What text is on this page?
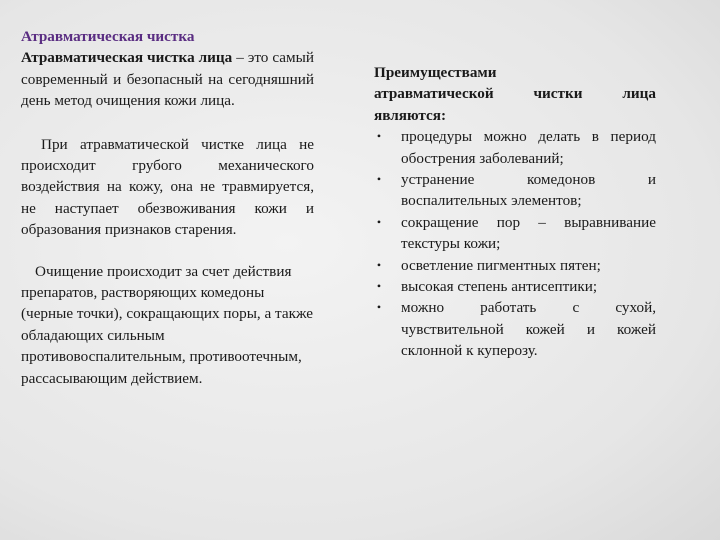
Атравматическая чистка

Атравматическая чистка лица – это самый современный и безопасный на сегодняшний день метод очищения кожи лица.

При атравматической чистке лица не происходит грубого механического воздействия на кожу, она не травмируется, не наступает обезвоживания кожи и образования признаков старения.

Очищение происходит за счет действия препаратов, растворяющих комедоны (черные точки), сокращающих поры, а также обладающих сильным противовоспалительным, противоотечным, рассасывающим действием.

Преимуществами

атравматической чистки лица

являются:

• процедуры можно делать в период обострения заболеваний;
• устранение комедонов и воспалительных элементов;
• сокращение пор – выравнивание текстуры кожи;
• осветление пигментных пятен;
• высокая степень антисептики;
• можно работать с сухой, чувствительной кожей и кожей склонной к куперозу.
